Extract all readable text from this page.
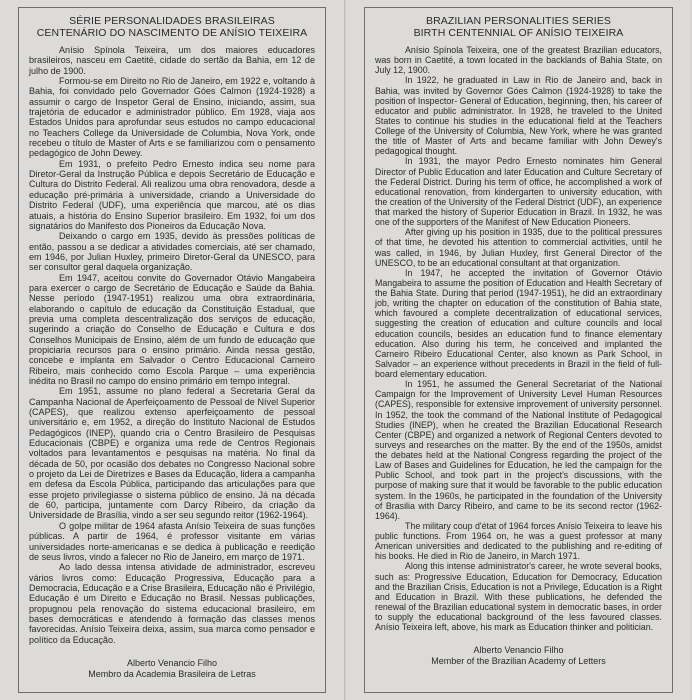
SÉRIE PERSONALIDADES BRASILEIRAS
CENTENÁRIO DO NASCIMENTO DE ANÍSIO TEIXEIRA

Anísio Spínola Teixeira, um dos maiores educadores brasileiros, nasceu em Caetité, cidade do sertão da Bahia, em 12 de julho de 1900.

Formou-se em Direito no Rio de Janeiro, em 1922 e, voltando à Bahia, foi convidado pelo Governador Góes Calmon (1924-1928) a assumir o cargo de Inspetor Geral de Ensino, iniciando, assim, sua trajetória de educador e administrador público. Em 1928, viaja aos Estados Unidos para aprofundar seus estudos no campo educacional no Teachers College da Universidade de Columbia, Nova York, onde recebeu o título de Master of Arts e se familiarizou com o pensamento pedagógico de John Dewey.

Em 1931, o prefeito Pedro Ernesto indica seu nome para Diretor-Geral da Instrução Pública e depois Secretário de Educação e Cultura do Distrito Federal. Ali realizou uma obra renovadora, desde a educação pré-primária à universidade, criando a Universidade do Distrito Federal (UDF), uma experiência que marcou, até os dias atuais, a história do Ensino Superior brasileiro. Em 1932, foi um dos signatários do Manifesto dos Pioneiros da Educação Nova.

Deixando o cargo em 1935, devido às pressões políticas de então, passou a se dedicar a atividades comerciais, até ser chamado, em 1946, por Julian Huxley, primeiro Diretor-Geral da UNESCO, para ser consultor geral daquela organização.

Em 1947, aceitou convite do Governador Otávio Mangabeira para exercer o cargo de Secretário de Educação e Saúde da Bahia. Nesse período (1947-1951) realizou uma obra extraordinária, elaborando o capítulo de educação da Constituição Estadual, que previa uma completa descentralização dos serviços de educação, sugerindo a criação do Conselho de Educação e Cultura e dos Conselhos Municipais de Ensino, além de um fundo de educação que propiciaria recursos para o ensino primário. Ainda nessa gestão, concebe e implanta em Salvador o Centro Educacional Carneiro Ribeiro, mais conhecido como Escola Parque – uma experiência inédita no Brasil no campo do ensino primário em tempo integral.

Em 1951, assume no plano federal a Secretaria Geral da Campanha Nacional de Aperfeiçoamento de Pessoal de Nível Superior (CAPES), que realizou extenso aperfeiçoamento de pessoal universitário e, em 1952, a direção do Instituto Nacional de Estudos Pedagógicos (INEP), quando cria o Centro Brasileiro de Pesquisas Educacionais (CBPE) e organiza uma rede de Centros Regionais voltados para levantamentos e pesquisas na matéria. No final da década de 50, por ocasião dos debates no Congresso Nacional sobre o projeto da Lei de Diretrizes e Bases da Educação, lidera a campanha em defesa da Escola Pública, participando das articulações para que esse projeto privilegiasse o sistema público de ensino. Já na década de 60, participa, juntamente com Darcy Ribeiro, da criação da Universidade de Brasília, vindo a ser seu segundo reitor (1962-1964).

O golpe militar de 1964 afasta Anísio Teixeira de suas funções públicas. A partir de 1964, é professor visitante em várias universidades norte-americanas e se dedica à publicação e reedição de seus livros, vindo a falecer no Rio de Janeiro, em março de 1971.

Ao lado dessa intensa atividade de administrador, escreveu vários livros como: Educação Progressiva, Educação para a Democracia, Educação e a Crise Brasileira, Educação não é Privilégio, Educação é um Direito e Educação no Brasil. Nessas publicações, propugnou pela renovação do sistema educacional brasileiro, em bases democráticas e atendendo à formação das classes menos favorecidas. Anísio Teixeira deixa, assim, sua marca como pensador e político da Educação.

Alberto Venancio Filho
Membro da Academia Brasileira de Letras
BRAZILIAN PERSONALITIES SERIES
BIRTH CENTENNIAL OF ANÍSIO TEIXEIRA

Anísio Spínola Teixeira, one of the greatest Brazilian educators, was born in Caetité, a town located in the backlands of Bahia State, on July 12, 1900.

In 1922, he graduated in Law in Rio de Janeiro and, back in Bahia, was invited by Governor Góes Calmon (1924-1928) to take the position of Inspector- General of Education, beginning, then, his career of educator and public administrator. In 1928, he traveled to the United States to continue his studies in the educational field at the Teachers College of the University of Columbia, New York, where he was granted the title of Master of Arts and became familiar with John Dewey's pedagogical thought.

In 1931, the mayor Pedro Ernesto nominates him General Director of Public Education and later Education and Culture Secretary of the Federal District. During his term of office, he accomplished a work of educational renovation, from kindergarten to university education, with the creation of the University of the Federal District (UDF), an experience that marked the history of Superior Education in Brazil. In 1932, he was one of the supporters of the Manifest of New Education Pioneers.

After giving up his position in 1935, due to the political pressures of that time, he devoted his attention to commercial activities, until he was called, in 1946, by Julian Huxley, first General Director of the UNESCO, to be an educational consultant at that organization.

In 1947, he accepted the invitation of Governor Otávio Mangabeira to assume the position of Education and Health Secretary of the Bahia State. During that period (1947-1951), he did an extraordinary job, writing the chapter on education of the constitution of Bahia state, which favoured a complete decentralization of educational services, suggesting the creation of education and culture councils and local education councils, besides an education fund to finance elementary education. Also during his term, he conceived and implanted the Carneiro Ribeiro Educational Center, also known as Park School, in Salvador – an experience without precedents in Brazil in the field of full-board elementary education.

In 1951, he assumed the General Secretariat of the National Campaign for the Improvement of University Level Human Resources (CAPES), responsible for extensive improvement of university personnel. In 1952, the took the command of the National Institute of Pedagogical Studies (INEP), when he created the Brazilian Educational Research Center (CBPE) and organized a network of Regional Centers devoted to surveys and researches on the matter. By the end of the 1950s, amidst the debates held at the National Congress regarding the project of the Law of Bases and Guidelines for Education, he led the campaign for the Public School, and took part in the project's discussions, with the purpose of making sure that it would be favorable to the public education system. In the 1960s, he participated in the foundation of the University of Brasilia with Darcy Ribeiro, and came to be its second rector (1962-1964).

The military coup d'état of 1964 forces Anísio Teixeira to leave his public functions. From 1964 on, he was a guest professor at many American universities and dedicated to the publishing and re-editing of his books. He died in Rio de Janeiro, in March 1971.

Along this intense administrator's career, he wrote several books, such as: Progressive Education, Education for Democracy, Education and the Brazilian Crisis, Education is not a Privilege, Education is a Right and Education in Brazil. With these publications, he defended the renewal of the Brazilian educational system in democratic bases, in order to supply the educational background of the less favoured classes. Anísio Teixeira left, above, his mark as Education thinker and politician.

Alberto Venancio Filho
Member of the Brazilian Academy of Letters
